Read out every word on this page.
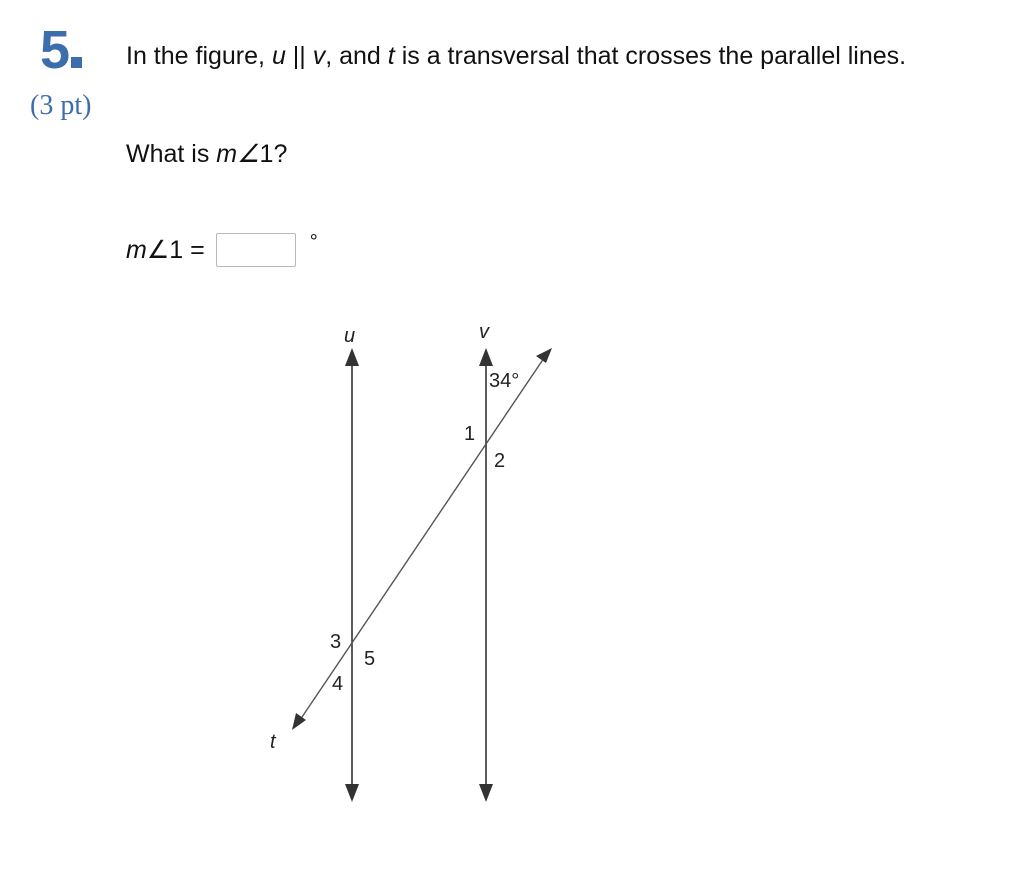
5
(3 pt)
In the figure, u || v, and t is a transversal that crosses the parallel lines.
What is m∠1?
m∠1 =	°
u	v
t
34°
1
2
3
4
5
